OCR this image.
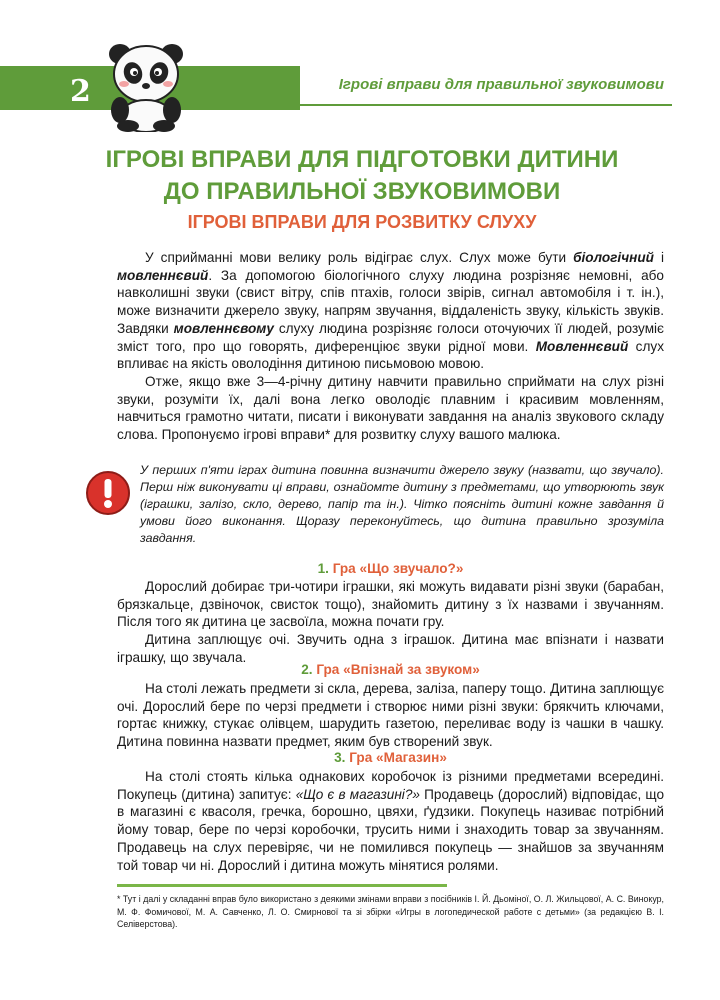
2	Ігрові вправи для правильної звуковимови
ІГРОВІ ВПРАВИ ДЛЯ ПІДГОТОВКИ ДИТИНИ
ДО ПРАВИЛЬНОЇ ЗВУКОВИМОВИ
ІГРОВІ ВПРАВИ ДЛЯ РОЗВИТКУ СЛУХУ

У сприйманні мови велику роль відіграє слух. Слух може бути біологічний і мовленнєвий. За допомогою біологічного слуху людина розрізняє немовні, або навколишні звуки (свист вітру, спів птахів, голоси звірів, сигнал автомобіля і т. ін.), може визначити джерело звуку, напрям звучання, віддаленість звуку, кількість звуків. Завдяки мовленнєвому слуху людина розрізняє голоси оточуючих її людей, розуміє зміст того, про що говорять, диференціює звуки рідної мови. Мовленнєвий слух впливає на якість оволодіння дитиною письмовою мовою.

Отже, якщо вже 3—4-річну дитину навчити правильно сприймати на слух різні звуки, розуміти їх, далі вона легко оволодіє плавним і красивим мовленням, навчиться грамотно читати, писати і виконувати завдання на аналіз звукового складу слова. Пропонуємо ігрові вправи* для розвитку слуху вашого малюка.

У перших п'яти іграх дитина повинна визначити джерело звуку (назвати, що звучало). Перш ніж виконувати ці вправи, ознайомте дитину з предметами, що утворюють звук (іграшки, залізо, скло, дерево, папір та ін.). Чітко поясніть дитині кожне завдання й умови його виконання. Щоразу переконуйтесь, що дитина правильно зрозуміла завдання.
1. Гра «Що звучало?»

Дорослий добирає три-чотири іграшки, які можуть видавати різні звуки (барабан, брязкальце, дзвіночок, свисток тощо), знайомить дитину з їх назвами і звучанням. Після того як дитина це засвоїла, можна почати гру.

Дитина заплющує очі. Звучить одна з іграшок. Дитина має впізнати і назвати іграшку, що звучала.

2. Гра «Впізнай за звуком»

На столі лежать предмети зі скла, дерева, заліза, паперу тощо. Дитина заплющує очі. Дорослий бере по черзі предмети і створює ними різні звуки: брякчить ключами, гортає книжку, стукає олівцем, шарудить газетою, переливає воду із чашки в чашку. Дитина повинна назвати предмет, яким був створений звук.

3. Гра «Магазин»

На столі стоять кілька однакових коробочок із різними предметами всередині. Покупець (дитина) запитує: «Що є в магазині?» Продавець (дорослий) відповідає, що в магазині є квасоля, гречка, борошно, цвяхи, ґудзики. Покупець називає потрібний йому товар, бере по черзі коробочки, трусить ними і знаходить товар за звучанням. Продавець на слух перевіряє, чи не помилився покупець — знайшов за звучанням той товар чи ні. Дорослий і дитина можуть мінятися ролями.

* Тут і далі у складанні вправ було використано з деякими змінами вправи з посібників І. Й. Дьоміної, О. Л. Жильцової, А. С. Винокур, М. Ф. Фомичової, М. А. Савченко, Л. О. Смирнової та зі збірки «Игры в логопедической работе с детьми» (за редакцією В. І. Селіверстова).
